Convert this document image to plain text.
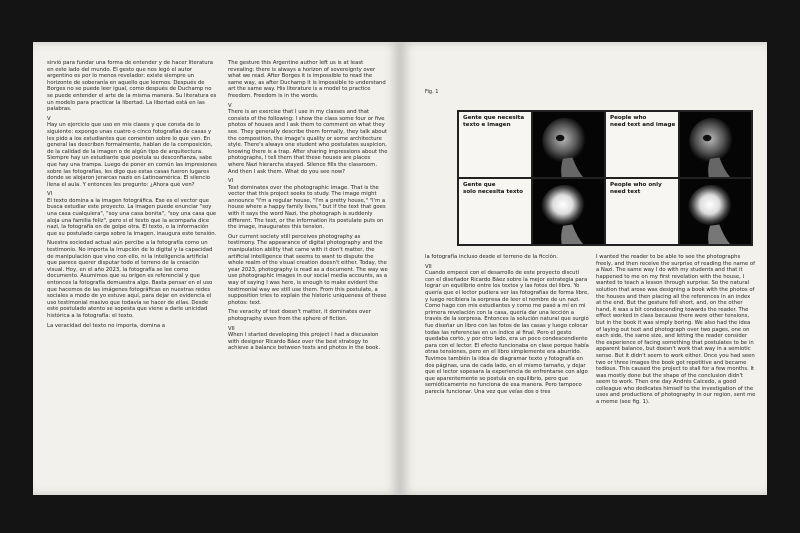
sirvió para fundar una forma de entender y de hacer literatura en este lado del mundo. El gesto que nos legó el autor argentino es por lo menos revelador: existe siempre un horizonte de soberanía en aquello que leemos. Después de Borges no se puede leer igual, como después de Duchamp no se puede entender el arte de la misma manera. Su literatura es un modelo para practicar la libertad. La libertad está en las palabras.

V

Hay un ejercicio que uso en mis clases y que consta de lo siguiente: expongo unas cuatro o cinco fotografías de casas y les pido a los estudiantes que comenten sobre lo que ven. En general las describen formalmente, hablan de la composición, de la calidad de la imagen o de algún tipo de arquitectura. Siempre hay un estudiante que postula su desconfianza, sabe que hay una trampa. Luego de poner en común las impresiones sobre las fotografías, les digo que estas casas fueron lugares donde se alojaron jerarcas nazis en Latinoamérica. El silencio llena el aula. Y entonces les pregunto: ¿Ahora qué ven?

VI

El texto domina a la imagen fotográfica. Ese es el vector que busca estudiar este proyecto. La imagen puede enunciar "soy una casa cualquiera", "soy una casa bonita", "soy una casa que aloja una familia feliz", pero si el texto que la acompaña dice nazi, la fotografía en de golpe otra. El texto, o la información que su postulado carga sobre la imagen, inaugura este tensión.

Nuestra sociedad actual aún percibe a la fotografía como un testimonio. No importa la irrupción de lo digital y la capacidad de manipulación que vino con ello, ni la inteligencia artificial que parece querer disputar todo el terreno de la creación visual. Hoy, en el año 2023, la fotografía se lee como documento. Asumimos que su origen es referencial y que entonces la fotografía demuestra algo. Basta pensar en el uso que hacemos de las imágenes fotográficas en nuestras redes sociales a modo de yo estuve aquí, para dejar en evidencia el uso testimonial masivo que todavía se hacer de ellas. Desde este postulado atento se sopesta que viene a darle unicidad histórica a la fotografía: el texto.

La veracidad del texto no importa, domina a

The gesture this Argentine author left us is at least revealing: there is always a horizon of sovereignty over what we read. After Borges it is impossible to read the same way, as after Duchamp it is impossible to understand art the same way. His literature is a model to practice freedom. Freedom is in the words.

V

There is an exercise that I use in my classes and that consists of the following: I show the class some four or five photos of houses and I ask them to comment on what they see. They generally describe them formally, they talk about the composition, the image's quality or some architecture style. There's always one student who postulates suspicion, knowing there is a trap. After sharing impressions about the photographs, I tell them that these houses are places where Nazi hierarchs stayed. Silence fills the classroom. And then I ask them. What do you see now?

VI

Text dominates over the photographic image. That is the vector that this project seeks to study. The image might announce "I'm a regular house, "I'm a pretty house," "I'm a house where a happy family lives," but if the text that goes with it says the word Nazi, the photograph is suddenly different. The text, or the information its postulate puts on the image, inaugurates this tension.

Our current society still perceives photography as testimony. The appearance of digital photography and the manipulation ability that came with it don't matter, the artificial intelligence that seems to want to dispute the whole realm of the visual creation doesn't either. Today, the year 2023, photography is read as a document. The way we use photographic images in our social media accounts, as a way of saying I was here, is enough to make evident the testimonial way we still use them. From this postulate, a supposition tries to explain the historic uniqueness of these photos: text.

The veracity of text doesn't matter, it dominates over photography even from the sphere of fiction.

VII

When I started developing this project I had a discussion with designer Ricardo Báez over the best strategy to achieve a balance between texts and photos in the book.

Fig. 1
Gente que necesita
texto e imagen
People who
need text and image
Gente que
solo necesita texto
People who only
need text

la fotografía incluso desde el terreno de la ficción.

VII

Cuando empecé con el desarrollo de este proyecto discutí con el diseñador Ricardo Báez sobre la mejor estrategia para lograr un equilibrio entre los textos y las fotos del libro. Yo quería que el lector pudiera ver las fotografías de forma libre, y luego recibiera la sorpresa de leer el nombre de un nazi. Como hago con mis estudiantes y como me pasó a mí en mi primera revelación con la casa, quería dar una lección a través de la sorpresa. Entonces la solución natural que surgió fue diseñar un libro con las fotos de las casas y luego colocar todas las referencias en un índice al final. Pero el gesto quedaba corto, y por otro lado, era un poco condescendiente para con el lector. El efecto funcionaba en clase porque había otras tensiones, pero en el libro simplemente era aburrido. Tuvimos también la idea de diagramar texto y fotografía en dos páginas, una de cada lado, en el mismo tamaño, y dejar que el lector sopesara la experiencia de enfrentarse con algo que aparentemente se postula en equilibrio, pero que semióticamente no funciona de esa manera. Pero tampoco parecía funcionar. Una vez que veías dos o tres

I wanted the reader to be able to see the photographs freely, and then receive the surprise of reading the name of a Nazi. The same way I do with my students and that it happened to me on my first revelation with the house, I wanted to teach a lesson through surprise. So the natural solution that arose was designing a book with the photos of the houses and then placing all the references in an index at the end. But the gesture fell short, and, on the other hand, it was a bit condescending towards the reader. The effect worked in class because there were other tensions, but in the book it was simply boring. We also had the idea of laying out text and photograph over two pages, one on each side, the same size, and letting the reader consider the experience of facing something that postulates to be in apparent balance, but doesn't work that way in a semiotic sense. But it didn't seem to work either. Once you had seen two or three images the book got repetitive and became tedious. This caused the project to stall for a few months. It was mostly done but the shape of the conclusion didn't seem to work. Then one day Andrés Caicedo, a good colleague who dedicates himself to the investigation of the uses and productions of photography in our region, sent me a meme (see fig. 1).
